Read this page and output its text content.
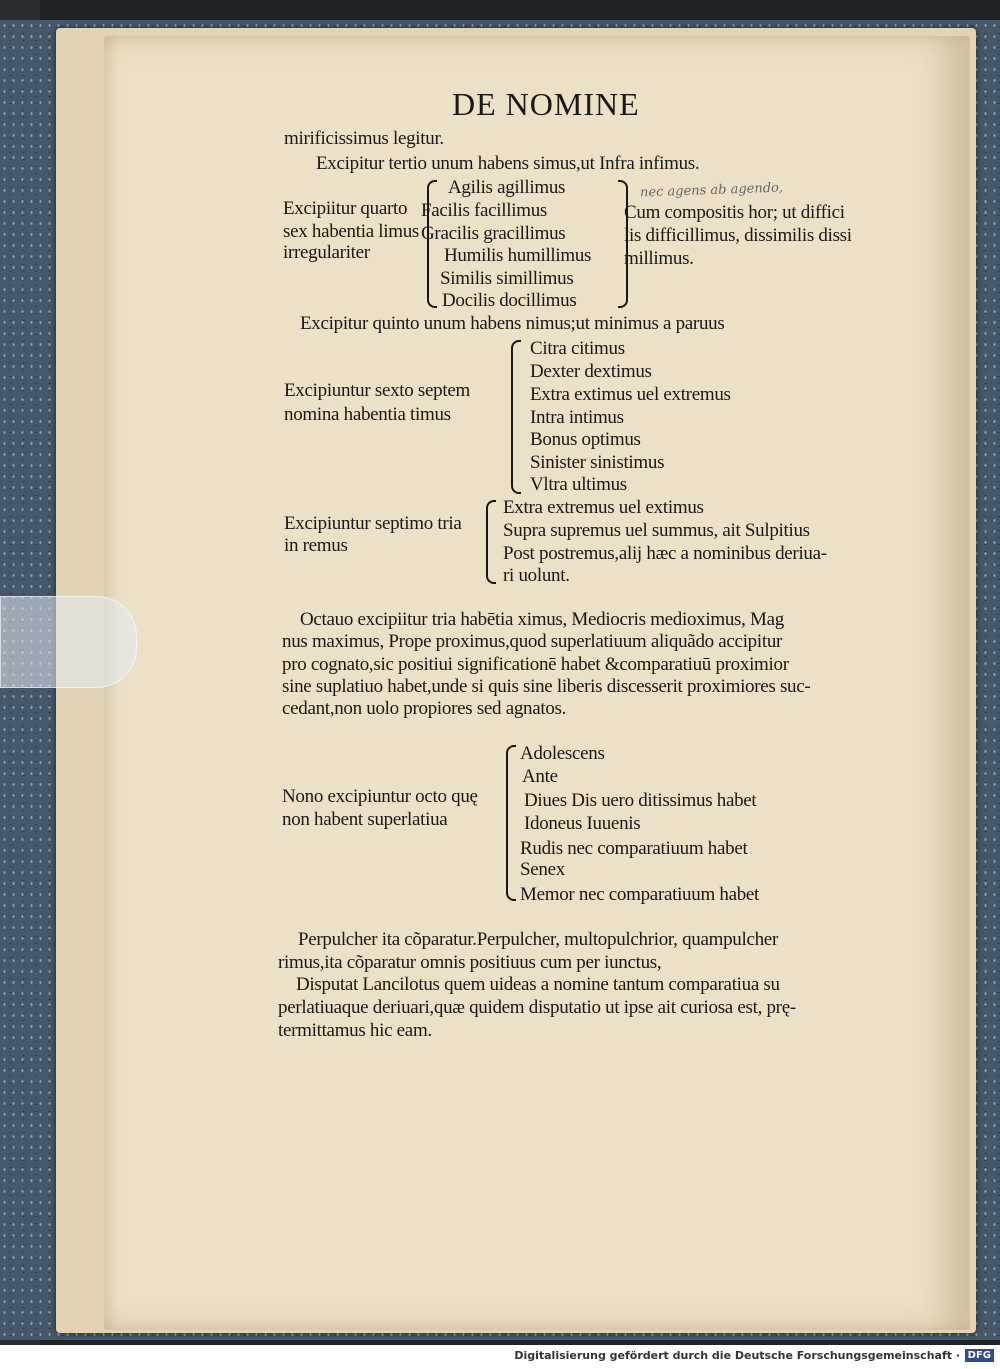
DE NOMINE
nec agens ab agendo,
mirificissimus legitur.
Excipitur tertio unum habens simus,ut Infra infimus.
Excipiitur quarto
sex habentia limus
irregulariter
Agilis agillimus
Facilis facillimus
Gracilis gracillimus
Humilis humillimus
Similis simillimus
Docilis docillimus
Cum compositis hor; ut diffici
lis difficillimus, dissimilis dissi
millimus.
Excipitur quinto unum habens nimus;ut minimus a paruus
Excipiuntur sexto septem
nomina habentia timus
Citra citimus
Dexter dextimus
Extra extimus uel extremus
Intra intimus
Bonus optimus
Sinister sinistimus
Vltra ultimus
Excipiuntur septimo tria
in remus
Extra extremus uel extimus
Supra supremus uel summus, ait Sulpitius
Post postremus,alij hæc a nominibus deriua-
ri uolunt.
Octauo excipiitur tria habētia ximus, Mediocris medioximus, Mag
nus maximus, Prope proximus,quod superlatiuum aliquãdo accipitur
pro cognato,sic positiui significationē habet &comparatiuū proximior
sine suplatiuo habet,unde si quis sine liberis discesserit proximiores suc-
cedant,non uolo propiores sed agnatos.
Nono excipiuntur octo quę
non habent superlatiua
Adolescens
Ante
Diues Dis uero ditissimus habet
Idoneus Iuuenis
Rudis nec comparatiuum habet
Senex
Memor nec comparatiuum habet
Perpulcher ita cõparatur.Perpulcher, multopulchrior, quampulcher
rimus,ita cõparatur omnis positiuus cum per iunctus,
Disputat Lancilotus quem uideas a nomine tantum comparatiua su
perlatiuaque deriuari,quæ quidem disputatio ut ipse ait curiosa est, prę-
termittamus hic eam.
Digitalisierung gefördert durch die Deutsche Forschungsgemeinschaft · DFG
